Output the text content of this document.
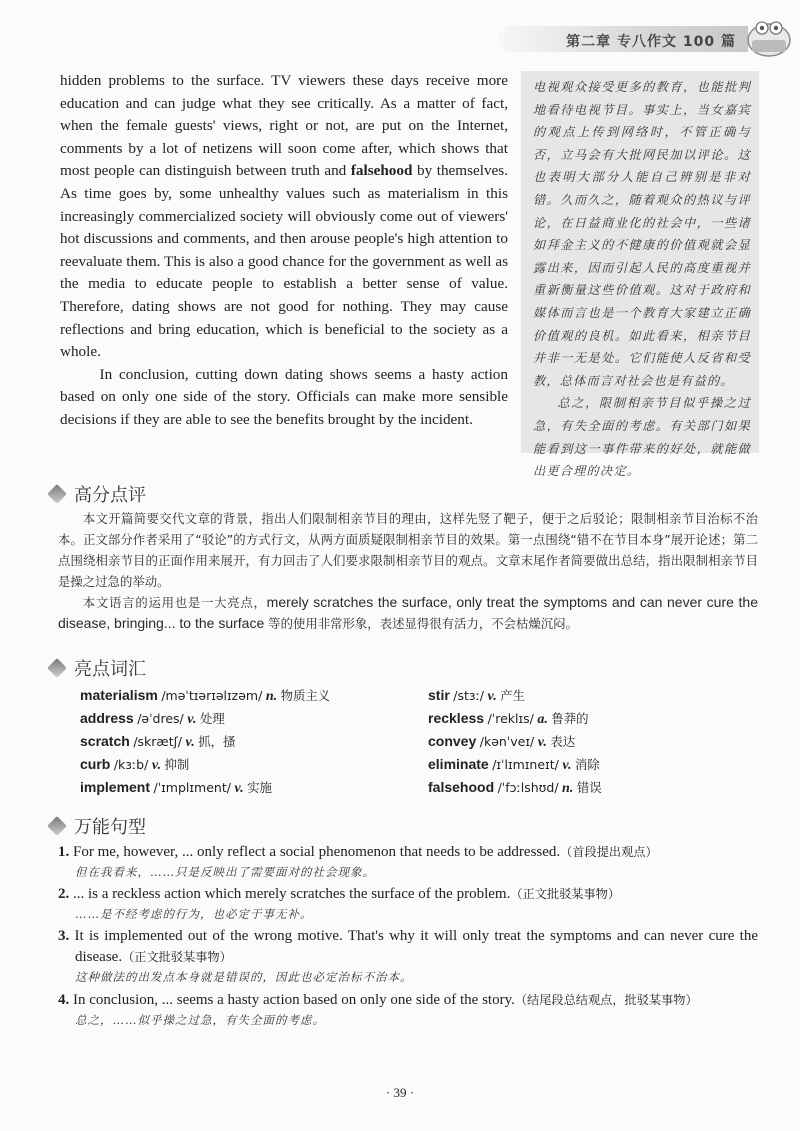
第二章 专八作文 100 篇

hidden problems to the surface. TV viewers these days receive more education and can judge what they see critically. As a matter of fact, when the female guests' views, right or not, are put on the Internet, comments by a lot of netizens will soon come after, which shows that most people can distinguish between truth and falsehood by themselves. As time goes by, some unhealthy values such as materialism in this increasingly commercialized society will obviously come out of viewers' hot discussions and comments, and then arouse people's high attention to reevaluate them. This is also a good chance for the government as well as the media to educate people to establish a better sense of value. Therefore, dating shows are not good for nothing. They may cause reflections and bring education, which is beneficial to the society as a whole.

In conclusion, cutting down dating shows seems a hasty action based on only one side of the story. Officials can make more sensible decisions if they are able to see the benefits brought by the incident.

电视观众接受更多的教育，也能批判地看待电视节目。事实上，当女嘉宾的观点上传到网络时，不管正确与否，立马会有大批网民加以评论。这也表明大部分人能自己辨别是非对错。久而久之，随着观众的热议与评论，在日益商业化的社会中，一些诸如拜金主义的不健康的价值观就会显露出来，因而引起人民的高度重视并重新衡量这些价值观。这对于政府和媒体而言也是一个教育大家建立正确价值观的良机。如此看来，相亲节目并非一无是处。它们能使人反省和受教，总体而言对社会也是有益的。

总之，限制相亲节目似乎操之过急，有失全面的考虑。有关部门如果能看到这一事件带来的好处，就能做出更合理的决定。

高分点评

本文开篇简要交代文章的背景，指出人们限制相亲节目的理由，这样先竖了靶子，便于之后驳论；限制相亲节目治标不治本。正文部分作者采用了“驳论”的方式行文，从两方面质疑限制相亲节目的效果。第一点围绕“错不在节目本身”展开论述；第二点围绕相亲节目的正面作用来展开，有力回击了人们要求限制相亲节目的观点。文章末尾作者简要做出总结，指出限制相亲节目是操之过急的举动。

本文语言的运用也是一大亮点，merely scratches the surface, only treat the symptoms and can never cure the disease, bringing... to the surface 等的使用非常形象，表述显得很有活力，不会枯燥沉闷。

亮点词汇
materialism /məˈtɪərɪəlɪzəm/ n. 物质主义
address /əˈdres/ v. 处理
scratch /skrætʃ/ v. 抓，搔
curb /kɜːb/ v. 抑制
implement /ˈɪmplɪment/ v. 实施
stir /stɜː/ v. 产生
reckless /ˈreklɪs/ a. 鲁莽的
convey /kənˈveɪ/ v. 表达
eliminate /ɪˈlɪmɪneɪt/ v. 消除
falsehood /ˈfɔːlshʊd/ n. 错误
万能句型
1. For me, however, ... only reflect a social phenomenon that needs to be addressed.（首段提出观点）
但在我看来，……只是反映出了需要面对的社会现象。
2. ... is a reckless action which merely scratches the surface of the problem.（正文批驳某事物）
……是不经考虑的行为，也必定于事无补。
3. It is implemented out of the wrong motive. That's why it will only treat the symptoms and can never cure the disease.（正文批驳某事物）
这种做法的出发点本身就是错误的，因此也必定治标不治本。
4. In conclusion, ... seems a hasty action based on only one side of the story.（结尾段总结观点，批驳某事物）
总之，……似乎操之过急，有失全面的考虑。
· 39 ·
